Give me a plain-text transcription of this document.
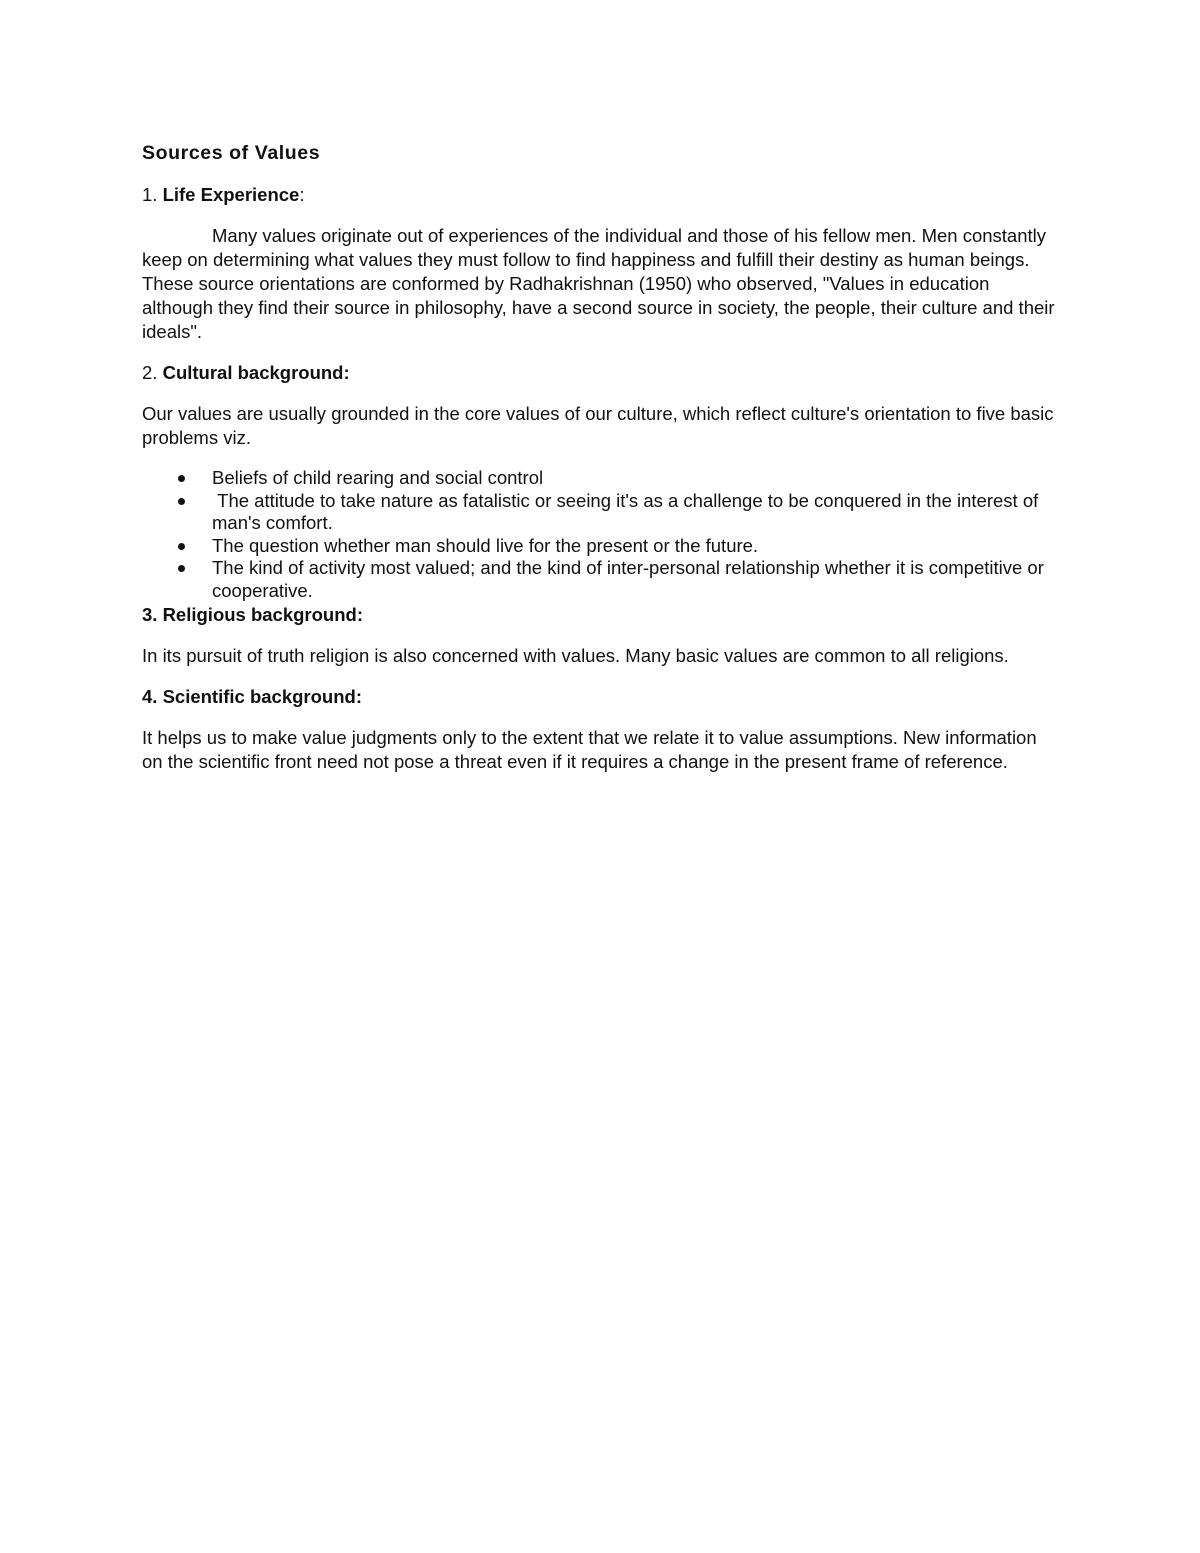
Sources of Values
1. Life Experience:

Many values originate out of experiences of the individual and those of his fellow men. Men constantly keep on determining what values they must follow to find happiness and fulfill their destiny as human beings. These source orientations are conformed by Radhakrishnan (1950) who observed, "Values in education although they find their source in philosophy, have a second source in society, the people, their culture and their ideals".

2. Cultural background:

Our values are usually grounded in the core values of our culture, which reflect culture's orientation to five basic problems viz.

Beliefs of child rearing and social control
The attitude to take nature as fatalistic or seeing it's as a challenge to be conquered in the interest of man's comfort.
The question whether man should live for the present or the future.
The kind of activity most valued; and the kind of inter-personal relationship whether it is competitive or cooperative.
3. Religious background:

In its pursuit of truth religion is also concerned with values. Many basic values are common to all religions.

4. Scientific background:

It helps us to make value judgments only to the extent that we relate it to value assumptions. New information on the scientific front need not pose a threat even if it requires a change in the present frame of reference.
